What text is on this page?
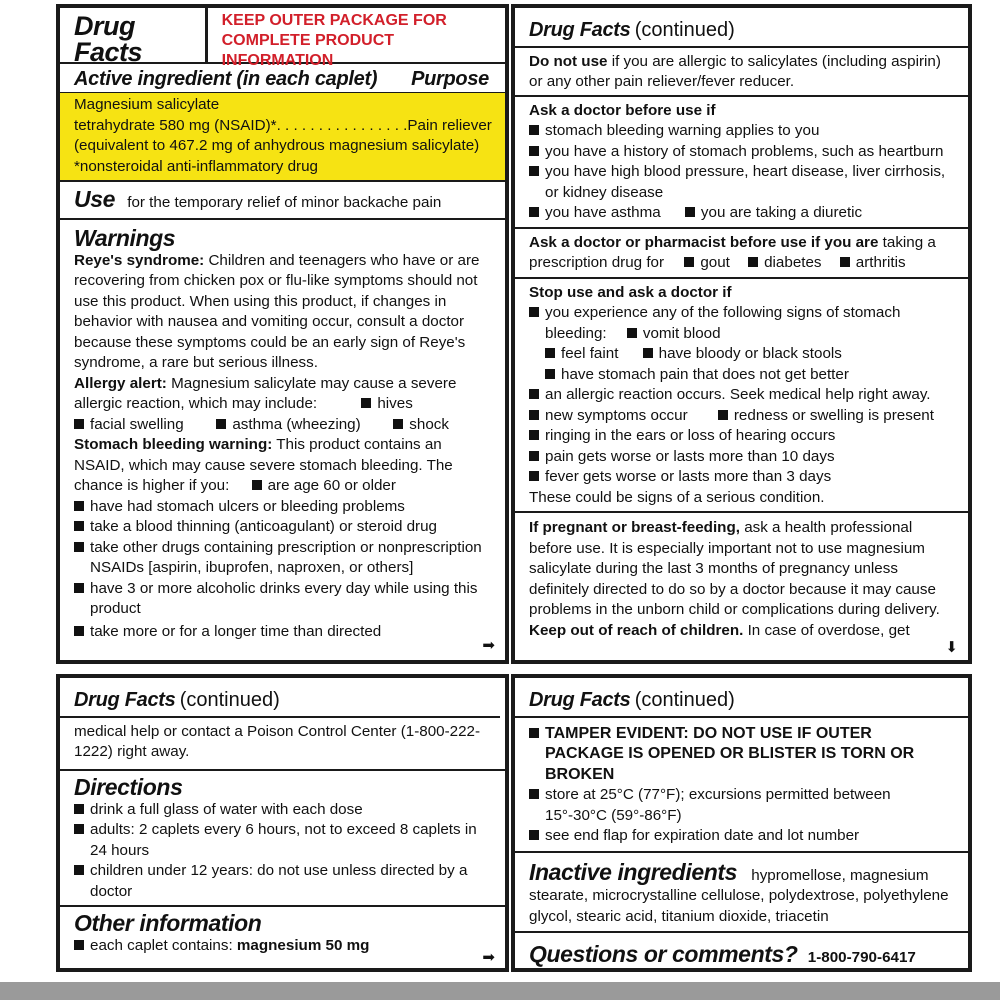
Drug Facts
KEEP OUTER PACKAGE FOR
COMPLETE PRODUCT INFORMATION
Active ingredient (in each caplet) Purpose
Magnesium salicylate
tetrahydrate 580 mg (NSAID)*. . . . . . . . . . . . . . . . Pain reliever
(equivalent to 467.2 mg of anhydrous magnesium salicylate)
*nonsteroidal anti-inflammatory drug
Use for the temporary relief of minor backache pain
Warnings
Reye's syndrome: Children and teenagers who have or are recovering from chicken pox or flu-like symptoms should not use this product. When using this product, if changes in behavior with nausea and vomiting occur, consult a doctor because these symptoms could be an early sign of Reye's syndrome, a rare but serious illness.
Allergy alert: Magnesium salicylate may cause a severe allergic reaction, which may include:	hives
facial swelling	asthma (wheezing)	shock
Stomach bleeding warning: This product contains an NSAID, which may cause severe stomach bleeding. The chance is higher if you:	are age 60 or older
have had stomach ulcers or bleeding problems
take a blood thinning (anticoagulant) or steroid drug
take other drugs containing prescription or nonprescription NSAIDs [aspirin, ibuprofen, naproxen, or others]
have 3 or more alcoholic drinks every day while using this product
take more or for a longer time than directed
➡
Drug Facts (continued)
Do not use if you are allergic to salicylates (including aspirin) or any other pain reliever/fever reducer.
Ask a doctor before use if
stomach bleeding warning applies to you
you have a history of stomach problems, such as heartburn
you have high blood pressure, heart disease, liver cirrhosis, or kidney disease
you have asthma	you are taking a diuretic
Ask a doctor or pharmacist before use if you are taking a prescription drug for gout diabetes arthritis
Stop use and ask a doctor if
you experience any of the following signs of stomach bleeding: vomit blood
feel faint	have bloody or black stools
have stomach pain that does not get better
an allergic reaction occurs. Seek medical help right away.
new symptoms occur	redness or swelling is present
ringing in the ears or loss of hearing occurs
pain gets worse or lasts more than 10 days
fever gets worse or lasts more than 3 days
These could be signs of a serious condition.
If pregnant or breast-feeding, ask a health professional before use. It is especially important not to use magnesium salicylate during the last 3 months of pregnancy unless definitely directed to do so by a doctor because it may cause problems in the unborn child or complications during delivery.
Keep out of reach of children. In case of overdose, get
⬇
Drug Facts (continued)
medical help or contact a Poison Control Center (1-800-222-1222) right away.
Directions
drink a full glass of water with each dose
adults: 2 caplets every 6 hours, not to exceed 8 caplets in 24 hours
children under 12 years: do not use unless directed by a doctor
Other information
each caplet contains: magnesium 50 mg
➡
Drug Facts (continued)
TAMPER EVIDENT: DO NOT USE IF OUTER PACKAGE IS OPENED OR BLISTER IS TORN OR BROKEN
store at 25°C (77°F); excursions permitted between 15°-30°C (59°-86°F)
see end flap for expiration date and lot number
Inactive ingredients hypromellose, magnesium stearate, microcrystalline cellulose, polydextrose, polyethylene glycol, stearic acid, titanium dioxide, triacetin
Questions or comments? 1-800-790-6417
